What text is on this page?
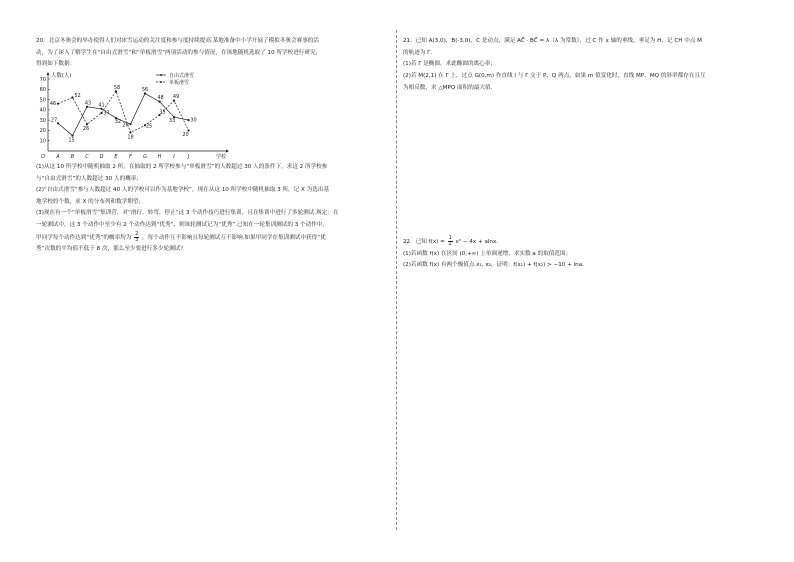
20．北京冬奥会的举办使得人们对冰雪运动的关注度和参与度持续提高.某地准备中小学开展了模拟冬奥会赛事的活

动，为了深入了解学生在“自由式滑雪”和“单板滑雪”两项活动的参与情况，在该地随机选取了 10 所学校进行研究，

得到如下数据：

人数(人)
学校
O
10
20
30
40
50
60
70
A B C D E F G H I	J
27
15
43 41
32
26
56
48
33	30
46
52
26
37
58
18
25
35
49
20
自由式滑雪
单板滑雪

(1)从这 10 所学校中随机抽取 2 所，在抽取的 2 所学校参与“单板滑雪”的人数超过 30 人的条件下，求这 2 所学校参

与“自由式滑雪”的人数超过 30 人的概率；

(2)“自由式滑雪”参与人数超过 40 人的学校可以作为基地学校”，现在从这 10 所学校中随机抽取 3 所，记 X 为选出基

地学校的个数，求 X 的分布列和数学期望；

(3)现在有一个“单板滑雪”集训营，对“滑行、转弯、停止”这 3 个动作技巧进行集训，且在集训中进行了多轮测试.规定：在

一轮测试中，这 3 个动作中至少有 2 个动作达到“优秀”，则该轮测试记为“优秀”.已知在一轮集训测试的 3 个动作中，

甲同学每个动作达到“优秀”的概率均为 $\frac{2}{3}$ ，每个动作互不影响且每轮测试互不影响.如果甲同学在集训测试中获得“优

秀”次数的平均值不低于 8 次，那么至少要进行多少轮测试？

21．已知 A(3,0)，B(-3,0)，C 是动点，满足 AC⃗ · BC⃗ = λ（λ 为常数），过 C 作 x 轴的垂线，垂足为 H，记 CH 中点 M

的轨迹为 Γ．

(1)若 Γ 是椭圆，求此椭圆的离心率；

(2)若 M(2,1) 在 Γ 上，过点 G(0,m) 作直线 l 与 Γ 交于 P、Q 两点，如果 m 值变化时，直线 MP、MQ 的斜率都存在且互

为相反数，求 △MPQ 面积的最大值.

22．已知 $f(x) = \frac{1}{2} x^2 - 4x + alnx$．

(1)若函数 f(x) 在区间 (0,+∞) 上单调递增，求实数 a 的取值范围；

(2)若函数 f(x) 有两个极值点 x₁, x₂，证明：f(x₁) + f(x₂) > −10 + lna．
